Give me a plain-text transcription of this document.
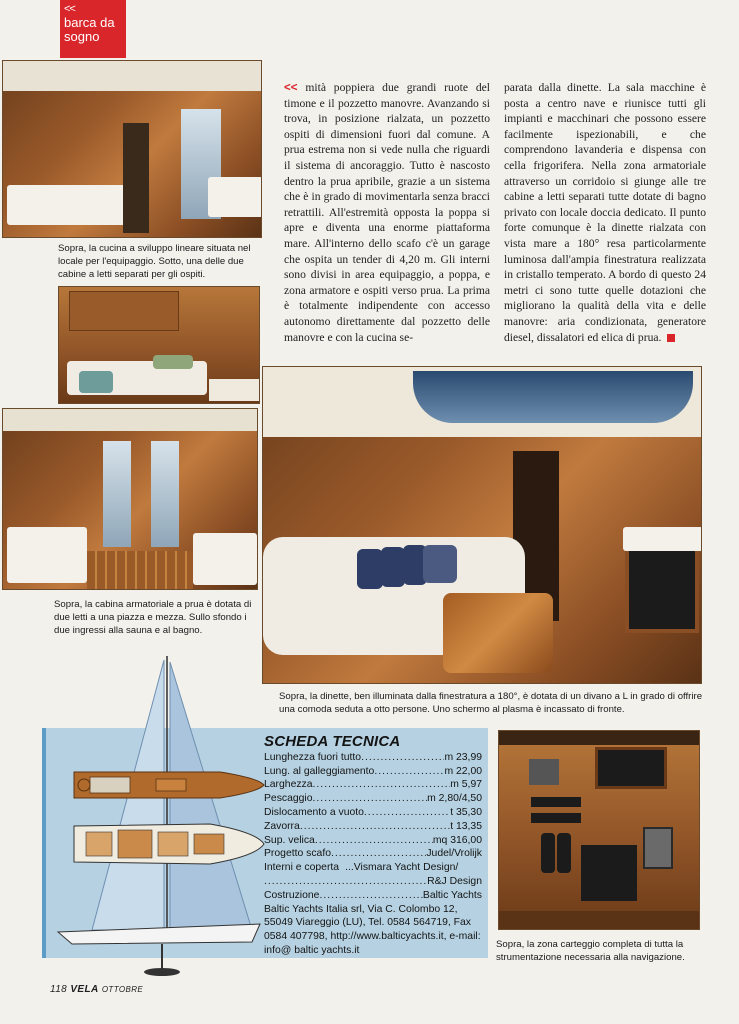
<<
barca da
sogno
Sopra, la cucina a sviluppo lineare situata nel locale per l'equipaggio. Sotto, una delle due cabine a letti separati per gli ospiti.
Sopra, la cabina armatoriale a prua è dotata di due letti a una piazza e mezza. Sullo sfondo i due ingressi alla sauna e al bagno.
<< mità poppiera due grandi ruote del timone e il pozzetto manovre. Avanzando si trova, in posizione rialzata, un pozzetto ospiti di dimensioni fuori dal comune. A prua estrema non si vede nulla che riguardi il sistema di ancoraggio. Tutto è nascosto dentro la prua apribile, grazie a un sistema che è in grado di movimentarla senza bracci retrattili. All'estremità opposta la poppa si apre e diventa una enorme piattaforma mare. All'interno dello scafo c'è un garage che ospita un tender di 4,20 m. Gli interni sono divisi in area equipaggio, a poppa, e zona armatore e ospiti verso prua. La prima è totalmente indipendente con accesso autonomo direttamente dal pozzetto delle manovre e con la cucina se-
parata dalla dinette. La sala macchine è posta a centro nave e riunisce tutti gli impianti e macchinari che possono essere facilmente ispezionabili, e che comprendono lavanderia e dispensa con cella frigorifera. Nella zona armatoriale attraverso un corridoio si giunge alle tre cabine a letti separati tutte dotate di bagno privato con locale doccia dedicato. Il punto forte comunque è la dinette rialzata con vista mare a 180° resa particolarmente luminosa dall'ampia finestratura realizzata in cristallo temperato. A bordo di questo 24 metri ci sono tutte quelle dotazioni che migliorano la qualità della vita e delle manovre: aria condizionata, generatore diesel, dissalatori ed elica di prua.
Sopra, la dinette, ben illuminata dalla finestratura a 180°, è dotata di un divano a L in grado di offrire una comoda seduta a otto persone. Uno schermo al plasma è incassato di fronte.
SCHEDA TECNICA
Lunghezza fuori tutto .....	m 23,99
Lung. al galleggiamento .....	m 22,00
Larghezza .....	m 5,97
Pescaggio .....	m 2,80/4,50
Dislocamento a vuoto .....	t 35,30
Zavorra .....	t 13,35
Sup. velica .....	mq 316,00
Progetto scafo .....	Judel/Vrolijk
Interni e coperta ... Vismara Yacht Design/
.....
R&J Design
Costruzione .....	Baltic Yachts
Baltic Yachts Italia srl, Via C. Colombo 12, 55049 Viareggio (LU), Tel. 0584 564719, Fax 0584 407798, http://www.balticyachts.it, e-mail: info@ baltic yachts.it
Sopra, la zona carteggio completa di tutta la strumentazione necessaria alla navigazione.
118 VELA OTTOBRE
